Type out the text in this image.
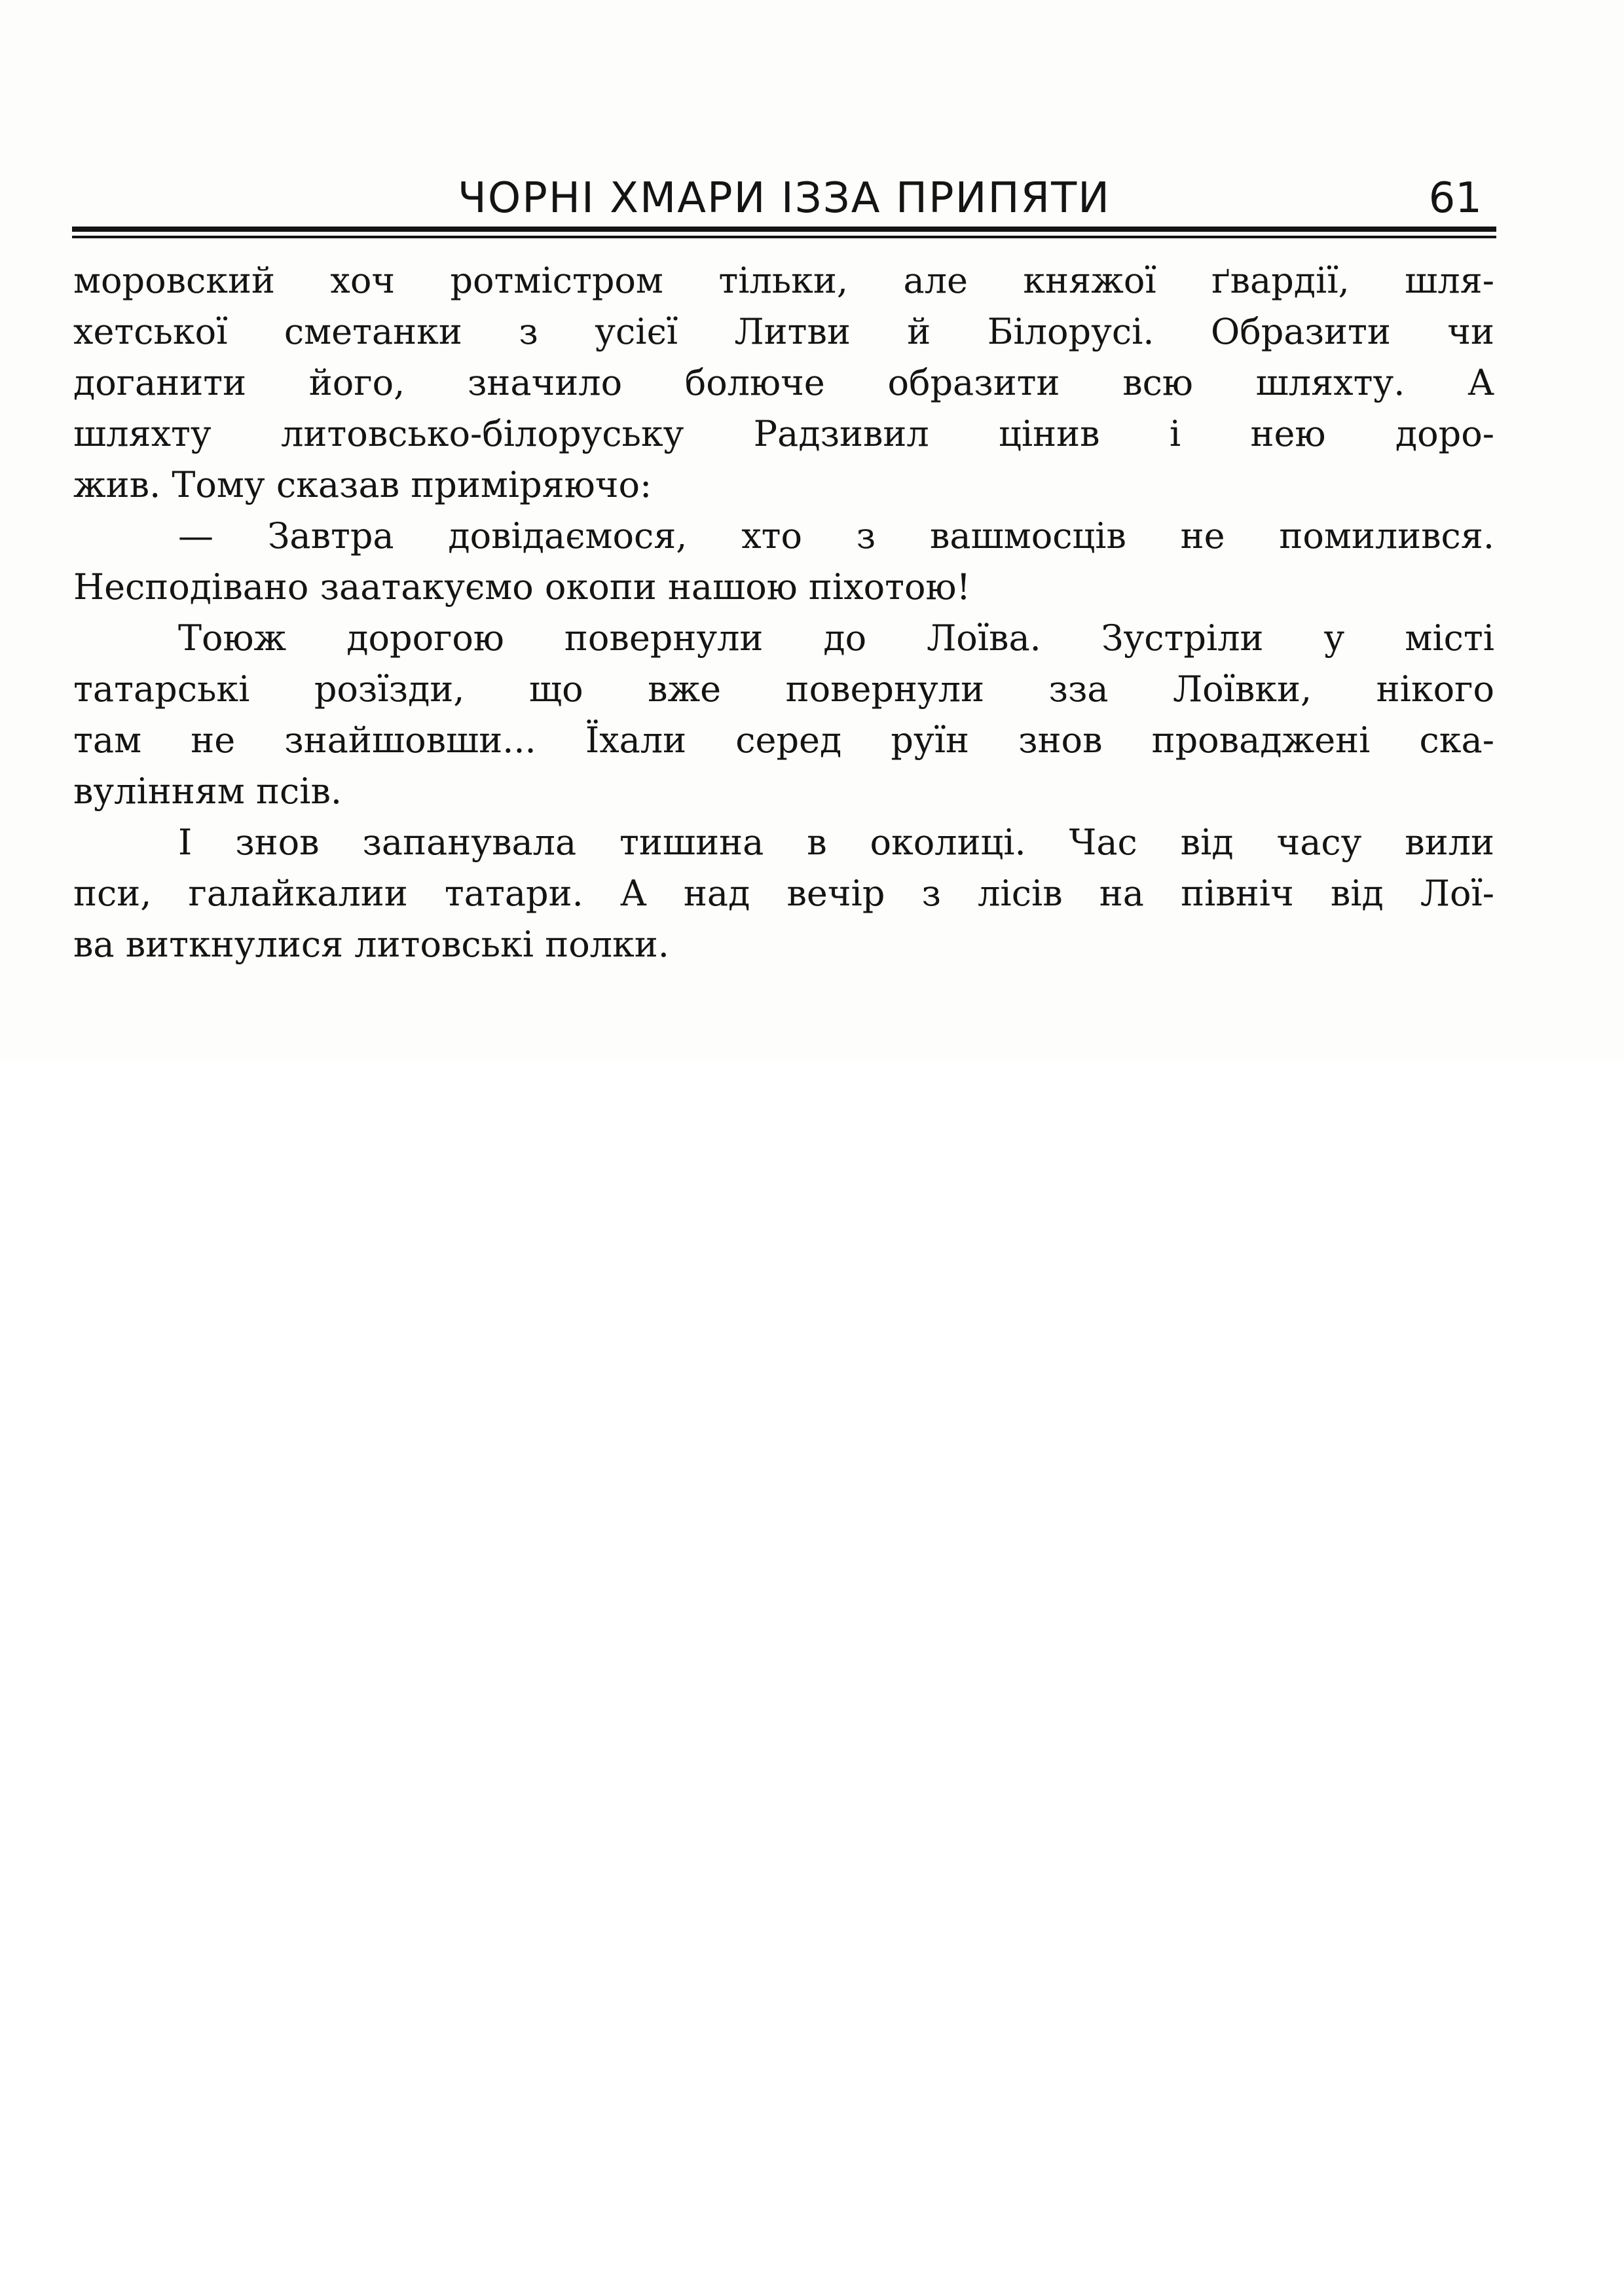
ЧОРНІ ХМАРИ ІЗЗА ПРИПЯТИ	61
моровский хоч ротмістром тільки, але княжої ґвардії, шля-
хетської сметанки з усієї Литви й Білорусі. Образити чи
доганити його, значило болюче образити всю шляхту. А
шляхту литовсько-білоруську Радзивил цінив і нею доро-
жив. Тому сказав приміряючо:
— Завтра довідаємося, хто з вашмосців не помилився.
Несподівано заатакуємо окопи нашою піхотою!
Тоюж дорогою повернули до Лоїва. Зустріли у місті
татарські розїзди, що вже повернули зза Лоївки, нікого
там не знайшовши... Їхали серед руїн знов проваджені ска-
вулінням псів.
І знов запанувала тишина в околиці. Час від часу вили
пси, галайкалии татари. А над вечір з лісів на північ від Лої-
ва виткнулися литовські полки.
